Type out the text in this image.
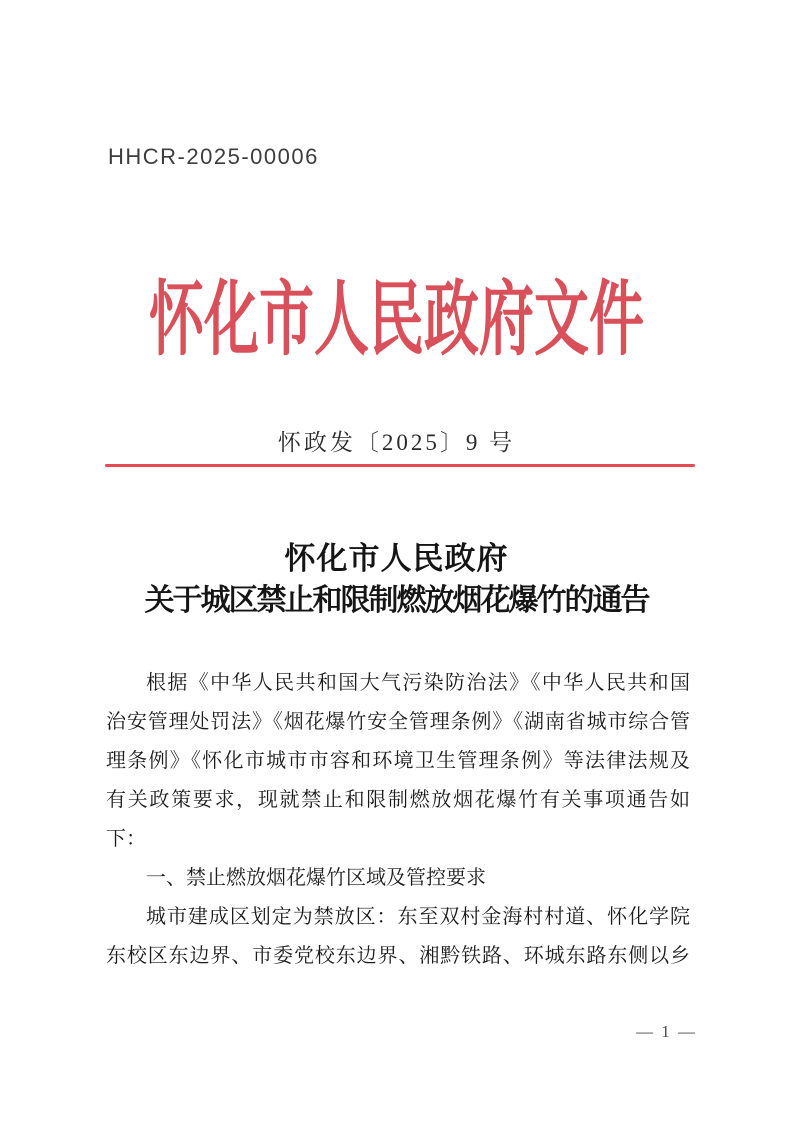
HHCR-2025-00006
怀化市人民政府文件
怀政发〔2025〕9 号
怀化市人民政府
关于城区禁止和限制燃放烟花爆竹的通告
根据《中华人民共和国大气污染防治法》《中华人民共和国
治安管理处罚法》《烟花爆竹安全管理条例》《湖南省城市综合管
理条例》《怀化市城市市容和环境卫生管理条例》等法律法规及
有关政策要求，现就禁止和限制燃放烟花爆竹有关事项通告如
下：
一、禁止燃放烟花爆竹区域及管控要求
城市建成区划定为禁放区：东至双村金海村村道、怀化学院
东校区东边界、市委党校东边界、湘黔铁路、环城东路东侧以乡
— 1 —
